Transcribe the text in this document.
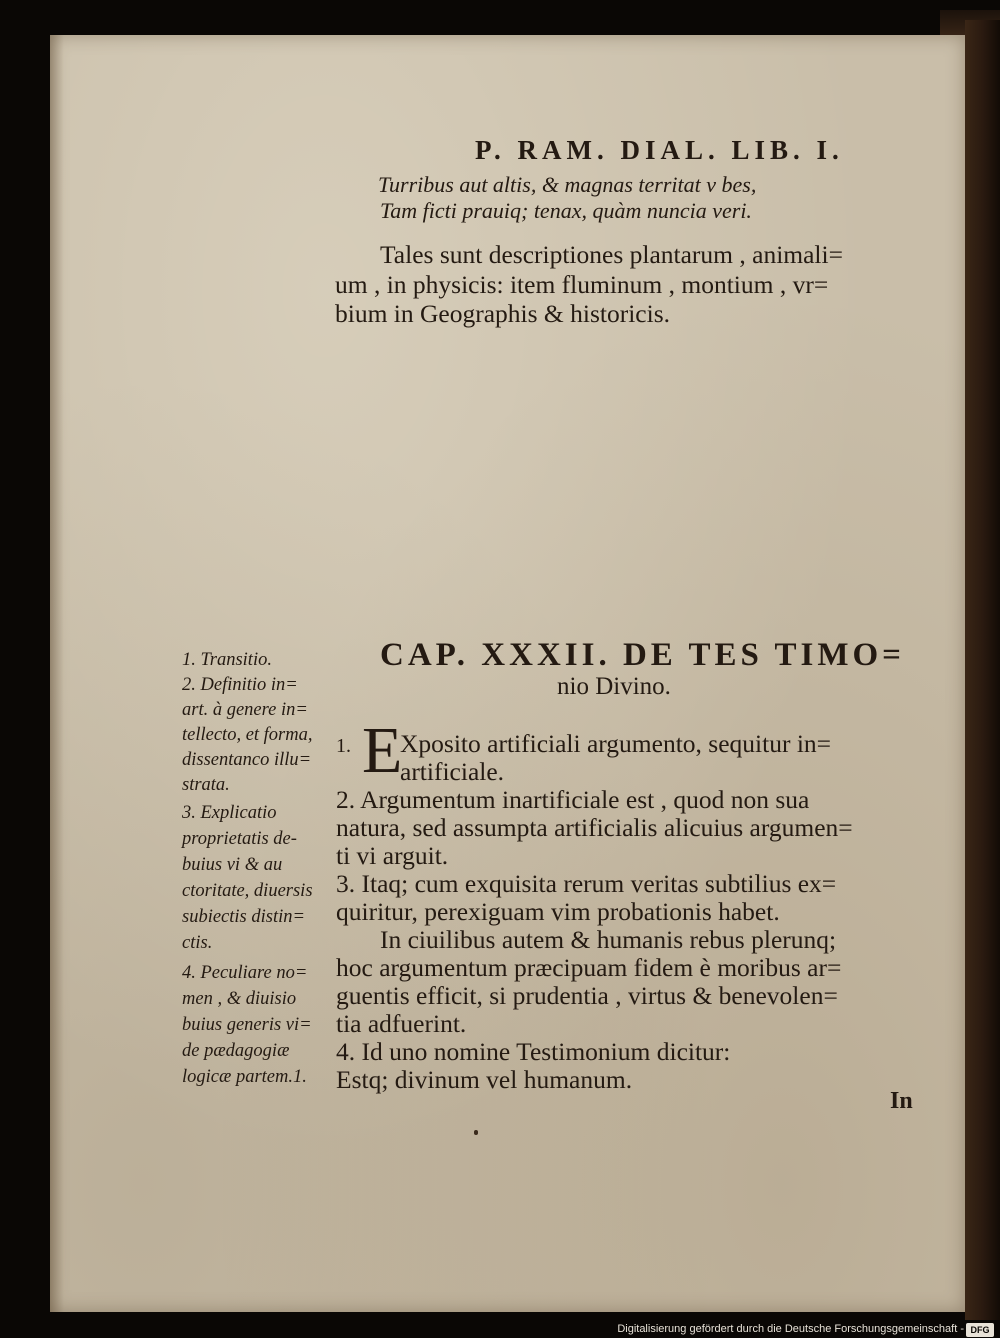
P. RAM. DIAL. LIB. I.
Turribus aut altis, & magnas territat v bes,
Tam ficti prauiq; tenax, quàm nuncia veri.
Tales sunt descriptiones plantarum , animali=
um , in physicis: item fluminum , montium , vr=
bium in Geographis & historicis.
CAP. XXXII. DE TES TIMO=
nio Divino.
1. Transitio.
2. Definitio in=
art. à genere in=
tellecto, et forma,
dissentanco illu=
strata.
3. Explicatio
proprietatis de-
buius vi & au
ctoritate, diuersis
subiectis distin=
ctis.
4. Peculiare no=
men , & diuisio
buius generis vi=
de pædagogiæ
logicæ partem.1.
1. E
Xposito artificiali argumento, sequitur in=
artificiale.
2. Argumentum inartificiale est , quod non sua
natura, sed assumpta artificialis alicuius argumen=
ti vi arguit.
3. Itaq; cum exquisita rerum veritas subtilius ex=
quiritur, perexiguam vim probationis habet.
In ciuilibus autem & humanis rebus plerunq;
hoc argumentum præcipuam fidem è moribus ar=
guentis efficit, si prudentia , virtus & benevolen=
tia adfuerint.
4. Id uno nomine Testimonium dicitur:
Estq; divinum vel humanum.
In
Digitalisierung gefördert durch die Deutsche Forschungsgemeinschaft - DFG
